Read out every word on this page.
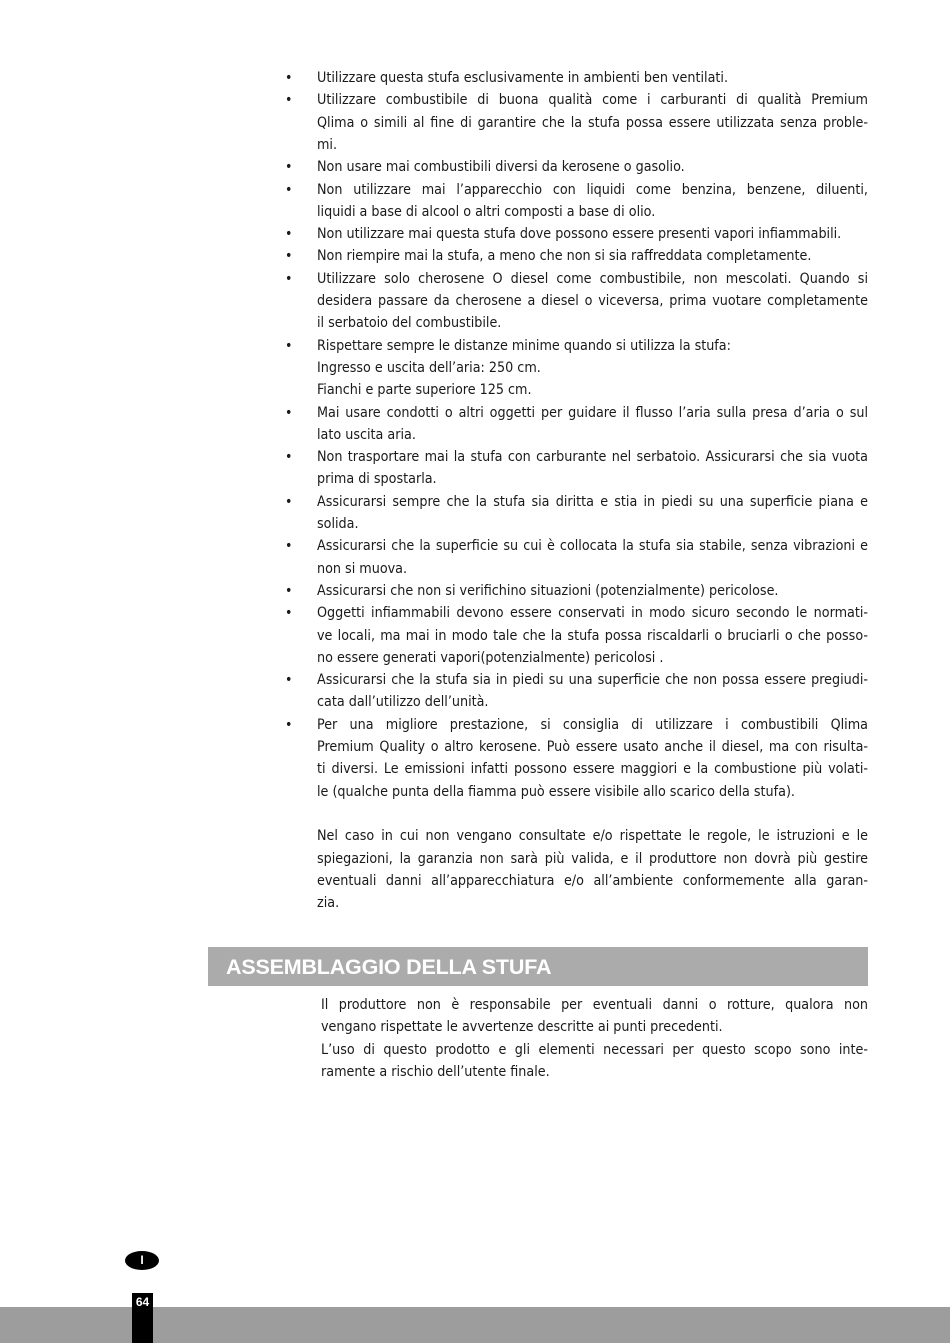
• Utilizzare questa stufa esclusivamente in ambienti ben ventilati.
• Utilizzare combustibile di buona qualità come i carburanti di qualità Premium
Qlima o simili al fine di garantire che la stufa possa essere utilizzata senza proble-
mi.
• Non usare mai combustibili diversi da kerosene o gasolio.
• Non utilizzare mai l’apparecchio con liquidi come benzina, benzene, diluenti,
liquidi a base di alcool o altri composti a base di olio.
• Non utilizzare mai questa stufa dove possono essere presenti vapori infiammabili.
• Non riempire mai la stufa, a meno che non si sia raffreddata completamente.
• Utilizzare solo cherosene O diesel come combustibile, non mescolati. Quando si
desidera passare da cherosene a diesel o viceversa, prima vuotare completamente
il serbatoio del combustibile.
• Rispettare sempre le distanze minime quando si utilizza la stufa:
Ingresso e uscita dell’aria: 250 cm.
Fianchi e parte superiore 125 cm.
• Mai usare condotti o altri oggetti per guidare il flusso l’aria sulla presa d’aria o sul
lato uscita aria.
• Non trasportare mai la stufa con carburante nel serbatoio. Assicurarsi che sia vuota
prima di spostarla.
• Assicurarsi sempre che la stufa sia diritta e stia in piedi su una superficie piana e
solida.
• Assicurarsi che la superficie su cui è collocata la stufa sia stabile, senza vibrazioni e
non si muova.
• Assicurarsi che non si verifichino situazioni (potenzialmente) pericolose.
• Oggetti infiammabili devono essere conservati in modo sicuro secondo le normati-
ve locali, ma mai in modo tale che la stufa possa riscaldarli o bruciarli o che posso-
no essere generati vapori(potenzialmente) pericolosi .
• Assicurarsi che la stufa sia in piedi su una superficie che non possa essere pregiudi-
cata dall’utilizzo dell’unità.
• Per una migliore prestazione, si consiglia di utilizzare i combustibili Qlima
Premium Quality o altro kerosene. Può essere usato anche il diesel, ma con risulta-
ti diversi. Le emissioni infatti possono essere maggiori e la combustione più volati-
le (qualche punta della fiamma può essere visibile allo scarico della stufa).
Nel caso in cui non vengano consultate e/o rispettate le regole, le istruzioni e le
spiegazioni, la garanzia non sarà più valida, e il produttore non dovrà più gestire
eventuali danni all’apparecchiatura e/o all’ambiente conformemente alla garan-
zia.
ASSEMBLAGGIO DELLA STUFA
Il produttore non è responsabile per eventuali danni o rotture, qualora non
vengano rispettate le avvertenze descritte ai punti precedenti.
L’uso di questo prodotto e gli elementi necessari per questo scopo sono inte-
ramente a rischio dell’utente finale.
I
64
